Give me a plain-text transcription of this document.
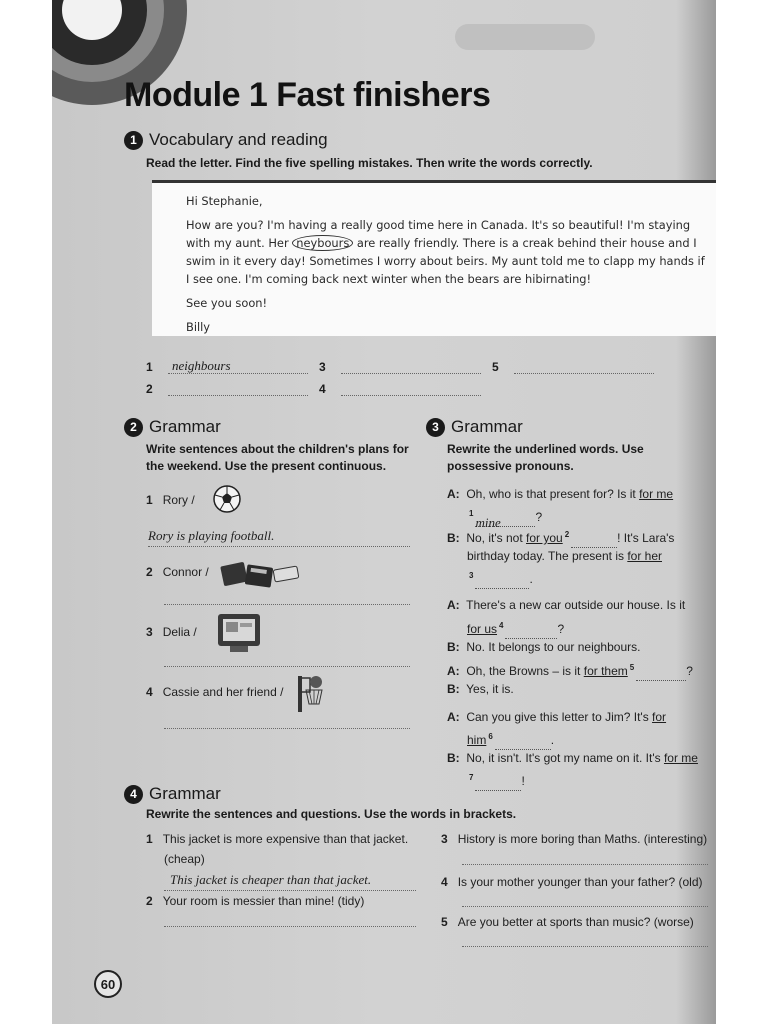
Module 1 Fast finishers
1 Vocabulary and reading
Read the letter. Find the five spelling mistakes. Then write the words correctly.

Hi Stephanie,

How are you? I'm having a really good time here in Canada. It's so beautiful! I'm staying with my aunt. Her neybours are really friendly. There is a creak behind their house and I swim in it every day! Sometimes I worry about beirs. My aunt told me to clapp my hands if I see one. I'm coming back next winter when the bears are hibirnating!

See you soon!

Billy

1	neighbours
2
3
4
5
2 Grammar
Write sentences about the children's plans for the weekend. Use the present continuous.
1 Rory /
Rory is playing football.
2 Connor /
3 Delia /
4 Cassie and her friend /
3 Grammar
Rewrite the underlined words. Use possessive pronouns.
A: Oh, who is that present for? Is it for me
$^1$mine	?
B: No, it's not for you $^2$	! It's Lara's
birthday today. The present is for her
$^3$	.
A: There's a new car outside our house. Is it
for us $^4$	?
B: No. It belongs to our neighbours.
A: Oh, the Browns – is it for them $^5$	?
B: Yes, it is.
A: Can you give this letter to Jim? It's for
him $^6$	.
B: No, it isn't. It's got my name on it. It's for me
$^7$	!
4 Grammar
Rewrite the sentences and questions. Use the words in brackets.
1 This jacket is more expensive than that jacket.
(cheap)
This jacket is cheaper than that jacket.
2 Your room is messier than mine! (tidy)
3 History is more boring than Maths. (interesting)
4 Is your mother younger than your father? (old)
5 Are you better at sports than music? (worse)
60
